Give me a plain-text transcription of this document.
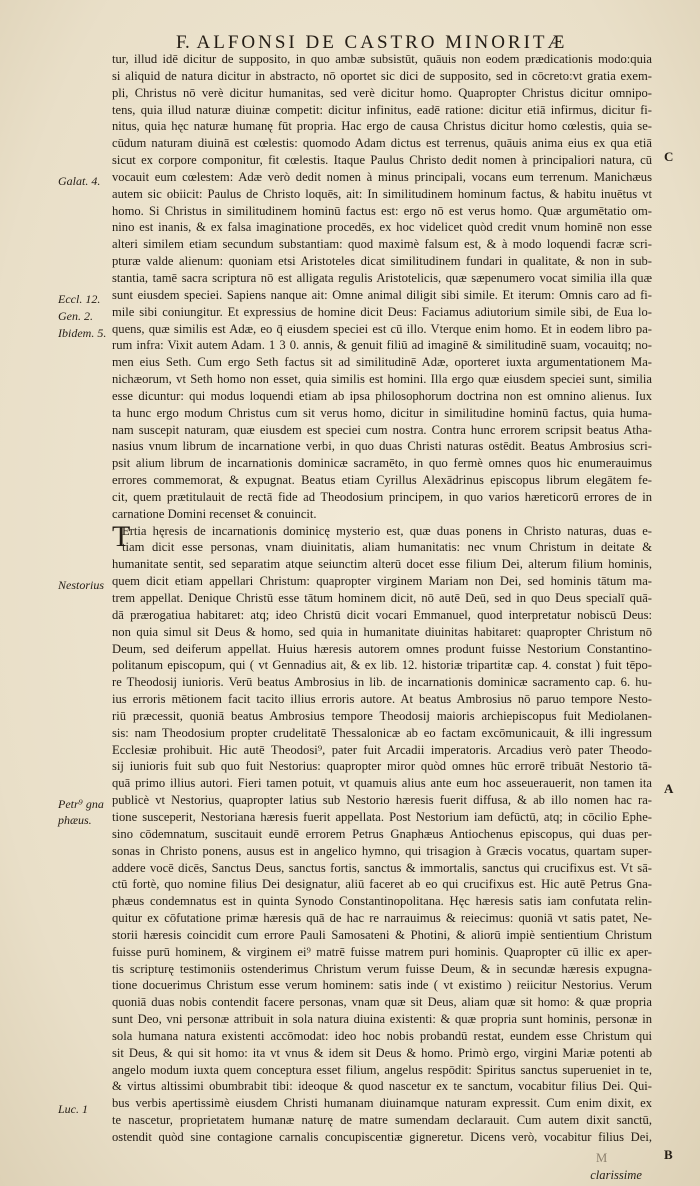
F. ALFONSI DE CASTRO MINORITÆ
tur, illud idē dicitur de supposito, in quo ambæ subsistūt, quāuis non eodem prædicationis modo:quia
si aliquid de natura dicitur in abstracto, nō oportet sic dici de supposito, sed in cōcreto:vt gratia exem-
pli, Christus nō verè dicitur humanitas, sed verè dicitur homo. Quapropter Christus dicitur omnipo-
tens, quia illud naturæ diuinæ competit: dicitur infinitus, eadē ratione: dicitur etiā infirmus, dicitur fi-
nitus, quia hęc naturæ humanę fūt propria. Hac ergo de causa Christus dicitur homo cœlestis, quia se-
cūdum naturam diuinā est cœlestis: quomodo Adam dictus est terrenus, quāuis anima eius ex qua etiā
sicut ex corpore componitur, fit cœlestis. Itaque Paulus Christo dedit nomen à principaliori natura, cū
vocauit eum cœlestem: Adæ verò dedit nomen à minus principali, vocans eum terrenum. Manichæus
autem sic obiicit: Paulus de Christo loquēs, ait: In similitudinem hominum factus, & habitu inuētus vt
homo. Si Christus in similitudinem hominū factus est: ergo nō est verus homo. Quæ argumētatio om-
nino est inanis, & ex falsa imaginatione procedēs, ex hoc videlicet quòd credit vnum hominē non esse
alteri similem etiam secundum substantiam: quod maximè falsum est, & à modo loquendi facræ scri-
pturæ valde alienum: quoniam etsi Aristoteles dicat similitudinem fundari in qualitate, & non in sub-
stantia, tamē sacra scriptura nō est alligata regulis Aristotelicis, quæ sæpenumero vocat similia illa quæ
sunt eiusdem speciei. Sapiens nanque ait: Omne animal diligit sibi simile. Et iterum: Omnis caro ad fi-
mile sibi coniungitur. Et expressius de homine dicit Deus: Faciamus adiutorium simile sibi, de Eua lo-
quens, quæ similis est Adæ, eo q̄ eiusdem speciei est cū illo. Vterque enim homo. Et in eodem libro pa-
rum infra: Vixit autem Adam. 1 3 0. annis, & genuit filiū ad imaginē & similitudinē suam, vocauitq; no-
men eius Seth. Cum ergo Seth factus sit ad similitudinē Adæ, oporteret iuxta argumentationem Ma-
nichæorum, vt Seth homo non esset, quia similis est homini. Illa ergo quæ eiusdem speciei sunt, similia
esse dicuntur: qui modus loquendi etiam ab ipsa philosophorum doctrina non est omnino alienus. Iux
ta hunc ergo modum Christus cum sit verus homo, dicitur in similitudine hominū factus, quia huma-
nam suscepit naturam, quæ eiusdem est speciei cum nostra. Contra hunc errorem scripsit beatus Atha-
nasius vnum librum de incarnatione verbi, in quo duas Christi naturas ostēdit. Beatus Ambrosius scri-
psit alium librum de incarnationis dominicæ sacramēto, in quo fermè omnes quos hic enumerauimus
errores commemorat, & expugnat. Beatus etiam Cyrillus Alexādrinus episcopus librum elegātem fe-
cit, quem prætitulauit de rectā fide ad Theodosium principem, in quo varios hæreticorū errores de in
carnatione Domini recenset & conuincit.
Ertia hęresis de incarnationis dominicę mysterio est, quæ duas ponens in Christo naturas, duas e-
tiam dicit esse personas, vnam diuinitatis, aliam humanitatis: nec vnum Christum in deitate &
humanitate sentit, sed separatim atque seiunctim alterū docet esse filium Dei, alterum filium hominis,
quem dicit etiam appellari Christum: quapropter virginem Mariam non Dei, sed hominis tātum ma-
trem appellat. Denique Christū esse tātum hominem dicit, nō autē Deū, sed in quo Deus specialī quā-
dā prærogatiua habitaret: atq; ideo Christū dicit vocari Emmanuel, quod interpretatur nobiscū Deus:
non quia simul sit Deus & homo, sed quia in humanitate diuinitas habitaret: quapropter Christum nō
Deum, sed deiferum appellat. Huius hæresis autorem omnes produnt fuisse Nestorium Constantino-
politanum episcopum, qui ( vt Gennadius ait, & ex lib. 12. historiæ tripartitæ cap. 4. constat ) fuit tēpo-
re Theodosij iunioris. Verū beatus Ambrosius in lib. de incarnationis dominicæ sacramento cap. 6. hu-
ius erroris mētionem facit tacito illius erroris autore. At beatus Ambrosius nō paruo tempore Nesto-
riū præcessit, quoniā beatus Ambrosius tempore Theodosij maioris archiepiscopus fuit Mediolanen-
sis: nam Theodosium propter crudelitatē Thessalonicæ ab eo factam excōmunicauit, & illi ingressum
Ecclesiæ prohibuit. Hic autē Theodosi⁹, pater fuit Arcadii imperatoris. Arcadius verò pater Theodo-
sij iunioris fuit sub quo fuit Nestorius: quapropter miror quòd omnes hūc errorē tribuāt Nestorio tā-
quā primo illius autori. Fieri tamen potuit, vt quamuis alius ante eum hoc asseuerauerit, non tamen ita
publicè vt Nestorius, quapropter latius sub Nestorio hæresis fuerit diffusa, & ab illo nomen hac ra-
tione susceperit, Nestoriana hæresis fuerit appellata. Post Nestorium iam defūctū, atq; in cōcilio Ephe-
sino cōdemnatum, suscitauit eundē errorem Petrus Gnaphæus Antiochenus episcopus, qui duas per-
sonas in Christo ponens, ausus est in angelico hymno, qui trisagion à Græcis vocatus, quartam super-
addere vocē dicēs, Sanctus Deus, sanctus fortis, sanctus & immortalis, sanctus qui crucifixus est. Vt sā-
ctū fortè, quo nomine filius Dei designatur, aliū faceret ab eo qui crucifixus est. Hic autē Petrus Gna-
phæus condemnatus est in quinta Synodo Constantinopolitana. Hęc hæresis satis iam confutata relin-
quitur ex cōfutatione primæ hæresis quā de hac re narrauimus & reiecimus: quoniā vt satis patet, Ne-
storii hæresis coincidit cum errore Pauli Samosateni & Photini, & aliorū impiè sentientium Christum
fuisse purū hominem, & virginem ei⁹ matrē fuisse matrem puri hominis. Quapropter cū illic ex aper-
tis scripturę testimoniis ostenderimus Christum verum fuisse Deum, & in secundæ hæresis expugna-
tione docuerimus Christum esse verum hominem: satis inde ( vt existimo ) reiicitur Nestorius. Verum
quoniā duas nobis contendit facere personas, vnam quæ sit Deus, aliam quæ sit homo: & quæ propria
sunt Deo, vni personæ attribuit in sola natura diuina existenti: & quæ propria sunt hominis, personæ in
sola humana natura existenti accōmodat: ideo hoc nobis probandū restat, eundem esse Christum qui
sit Deus, & qui sit homo: ita vt vnus & idem sit Deus & homo. Primò ergo, virgini Mariæ potenti ab
angelo modum iuxta quem conceptura esset filium, angelus respōdit: Spiritus sanctus superueniet in te,
& virtus altissimi obumbrabit tibi: ideoque & quod nascetur ex te sanctum, vocabitur filius Dei. Qui-
bus verbis apertissimè eiusdem Christi humanam diuinamque naturam expressit. Cum enim dixit, ex
te nascetur, proprietatem humanæ naturę de matre sumendam declarauit. Cum autem dixit sanctū,
ostendit quòd sine contagione carnalis concupiscentiæ gigneretur. Dicens verò, vocabitur filius Dei,
T
Galat. 4.
Eccl. 12.
Gen. 2.
Ibidem. 5.
Nestorius
Petr⁹ gna
phæus.
Luc. 1
C
A
B
M
clarissime
